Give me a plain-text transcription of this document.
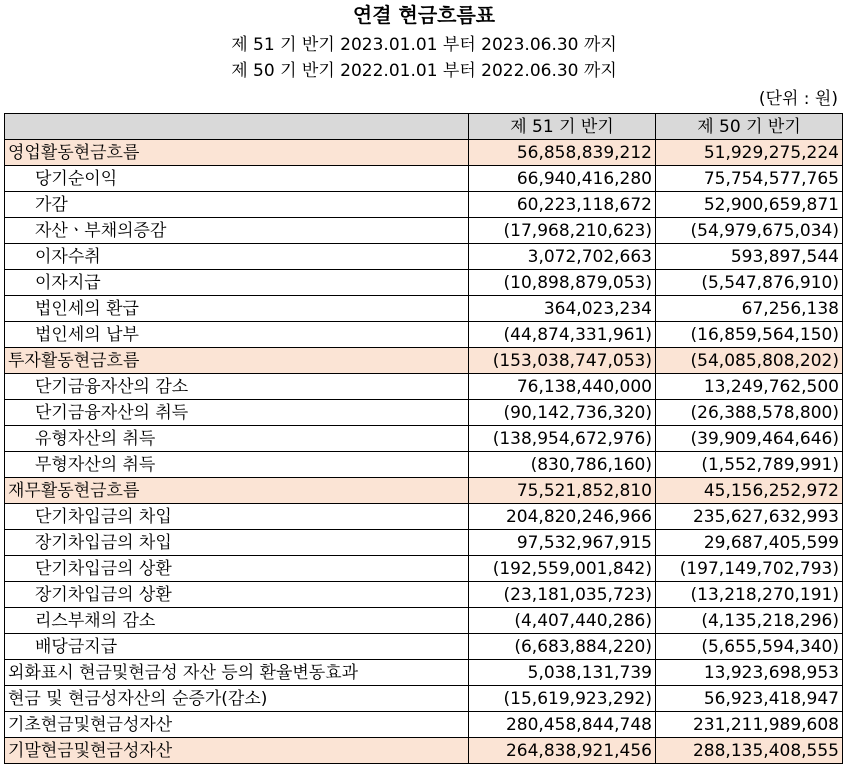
연결 현금흐름표
제 51 기 반기 2023.01.01 부터 2023.06.30 까지
제 50 기 반기 2022.01.01 부터 2022.06.30 까지
(단위 : 원)
	제 51 기 반기	제 50 기 반기
영업활동현금흐름	56,858,839,212	51,929,275,224
당기순이익	66,940,416,280	75,754,577,765
가감	60,223,118,672	52,900,659,871
자산ㆍ부채의증감	(17,968,210,623)	(54,979,675,034)
이자수취	3,072,702,663	593,897,544
이자지급	(10,898,879,053)	(5,547,876,910)
법인세의 환급	364,023,234	67,256,138
법인세의 납부	(44,874,331,961)	(16,859,564,150)
투자활동현금흐름	(153,038,747,053)	(54,085,808,202)
단기금융자산의 감소	76,138,440,000	13,249,762,500
단기금융자산의 취득	(90,142,736,320)	(26,388,578,800)
유형자산의 취득	(138,954,672,976)	(39,909,464,646)
무형자산의 취득	(830,786,160)	(1,552,789,991)
재무활동현금흐름	75,521,852,810	45,156,252,972
단기차입금의 차입	204,820,246,966	235,627,632,993
장기차입금의 차입	97,532,967,915	29,687,405,599
단기차입금의 상환	(192,559,001,842)	(197,149,702,793)
장기차입금의 상환	(23,181,035,723)	(13,218,270,191)
리스부채의 감소	(4,407,440,286)	(4,135,218,296)
배당금지급	(6,683,884,220)	(5,655,594,340)
외화표시 현금및현금성 자산 등의 환율변동효과	5,038,131,739	13,923,698,953
현금 및 현금성자산의 순증가(감소)	(15,619,923,292)	56,923,418,947
기초현금및현금성자산	280,458,844,748	231,211,989,608
기말현금및현금성자산	264,838,921,456	288,135,408,555
